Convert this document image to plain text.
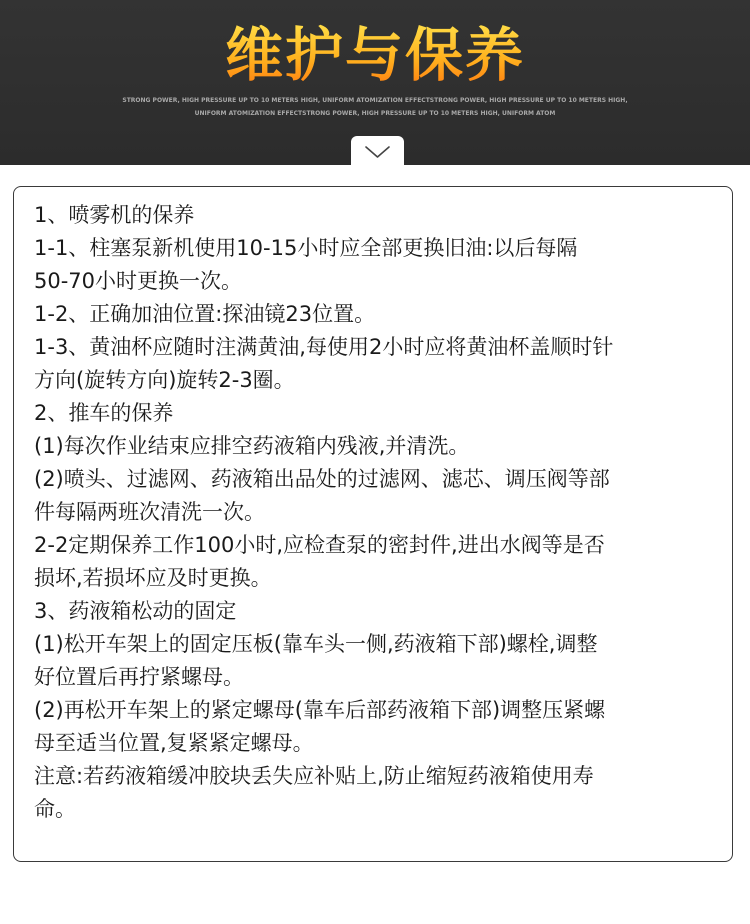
维护与保养
STRONG POWER, HIGH PRESSURE UP TO 10 METERS HIGH, UNIFORM ATOMIZATION EFFECTSTRONG POWER, HIGH PRESSURE UP TO 10 METERS HIGH,
UNIFORM ATOMIZATION EFFECTSTRONG POWER, HIGH PRESSURE UP TO 10 METERS HIGH, UNIFORM ATOM
1、喷雾机的保养
1-1、柱塞泵新机使用10-15小时应全部更换旧油:以后每隔
50-70小时更换一次。
1-2、正确加油位置:探油镜23位置。
1-3、黄油杯应随时注满黄油,每使用2小时应将黄油杯盖顺时针
方向(旋转方向)旋转2-3圈。
2、推车的保养
(1)每次作业结束应排空药液箱内残液,并清洗。
(2)喷头、过滤网、药液箱出品处的过滤网、滤芯、调压阀等部
件每隔两班次清洗一次。
2-2定期保养工作100小时,应检查泵的密封件,进出水阀等是否
损坏,若损坏应及时更换。
3、药液箱松动的固定
(1)松开车架上的固定压板(靠车头一侧,药液箱下部)螺栓,调整
好位置后再拧紧螺母。
(2)再松开车架上的紧定螺母(靠车后部药液箱下部)调整压紧螺
母至适当位置,复紧紧定螺母。
注意:若药液箱缓冲胶块丢失应补贴上,防止缩短药液箱使用寿
命。
